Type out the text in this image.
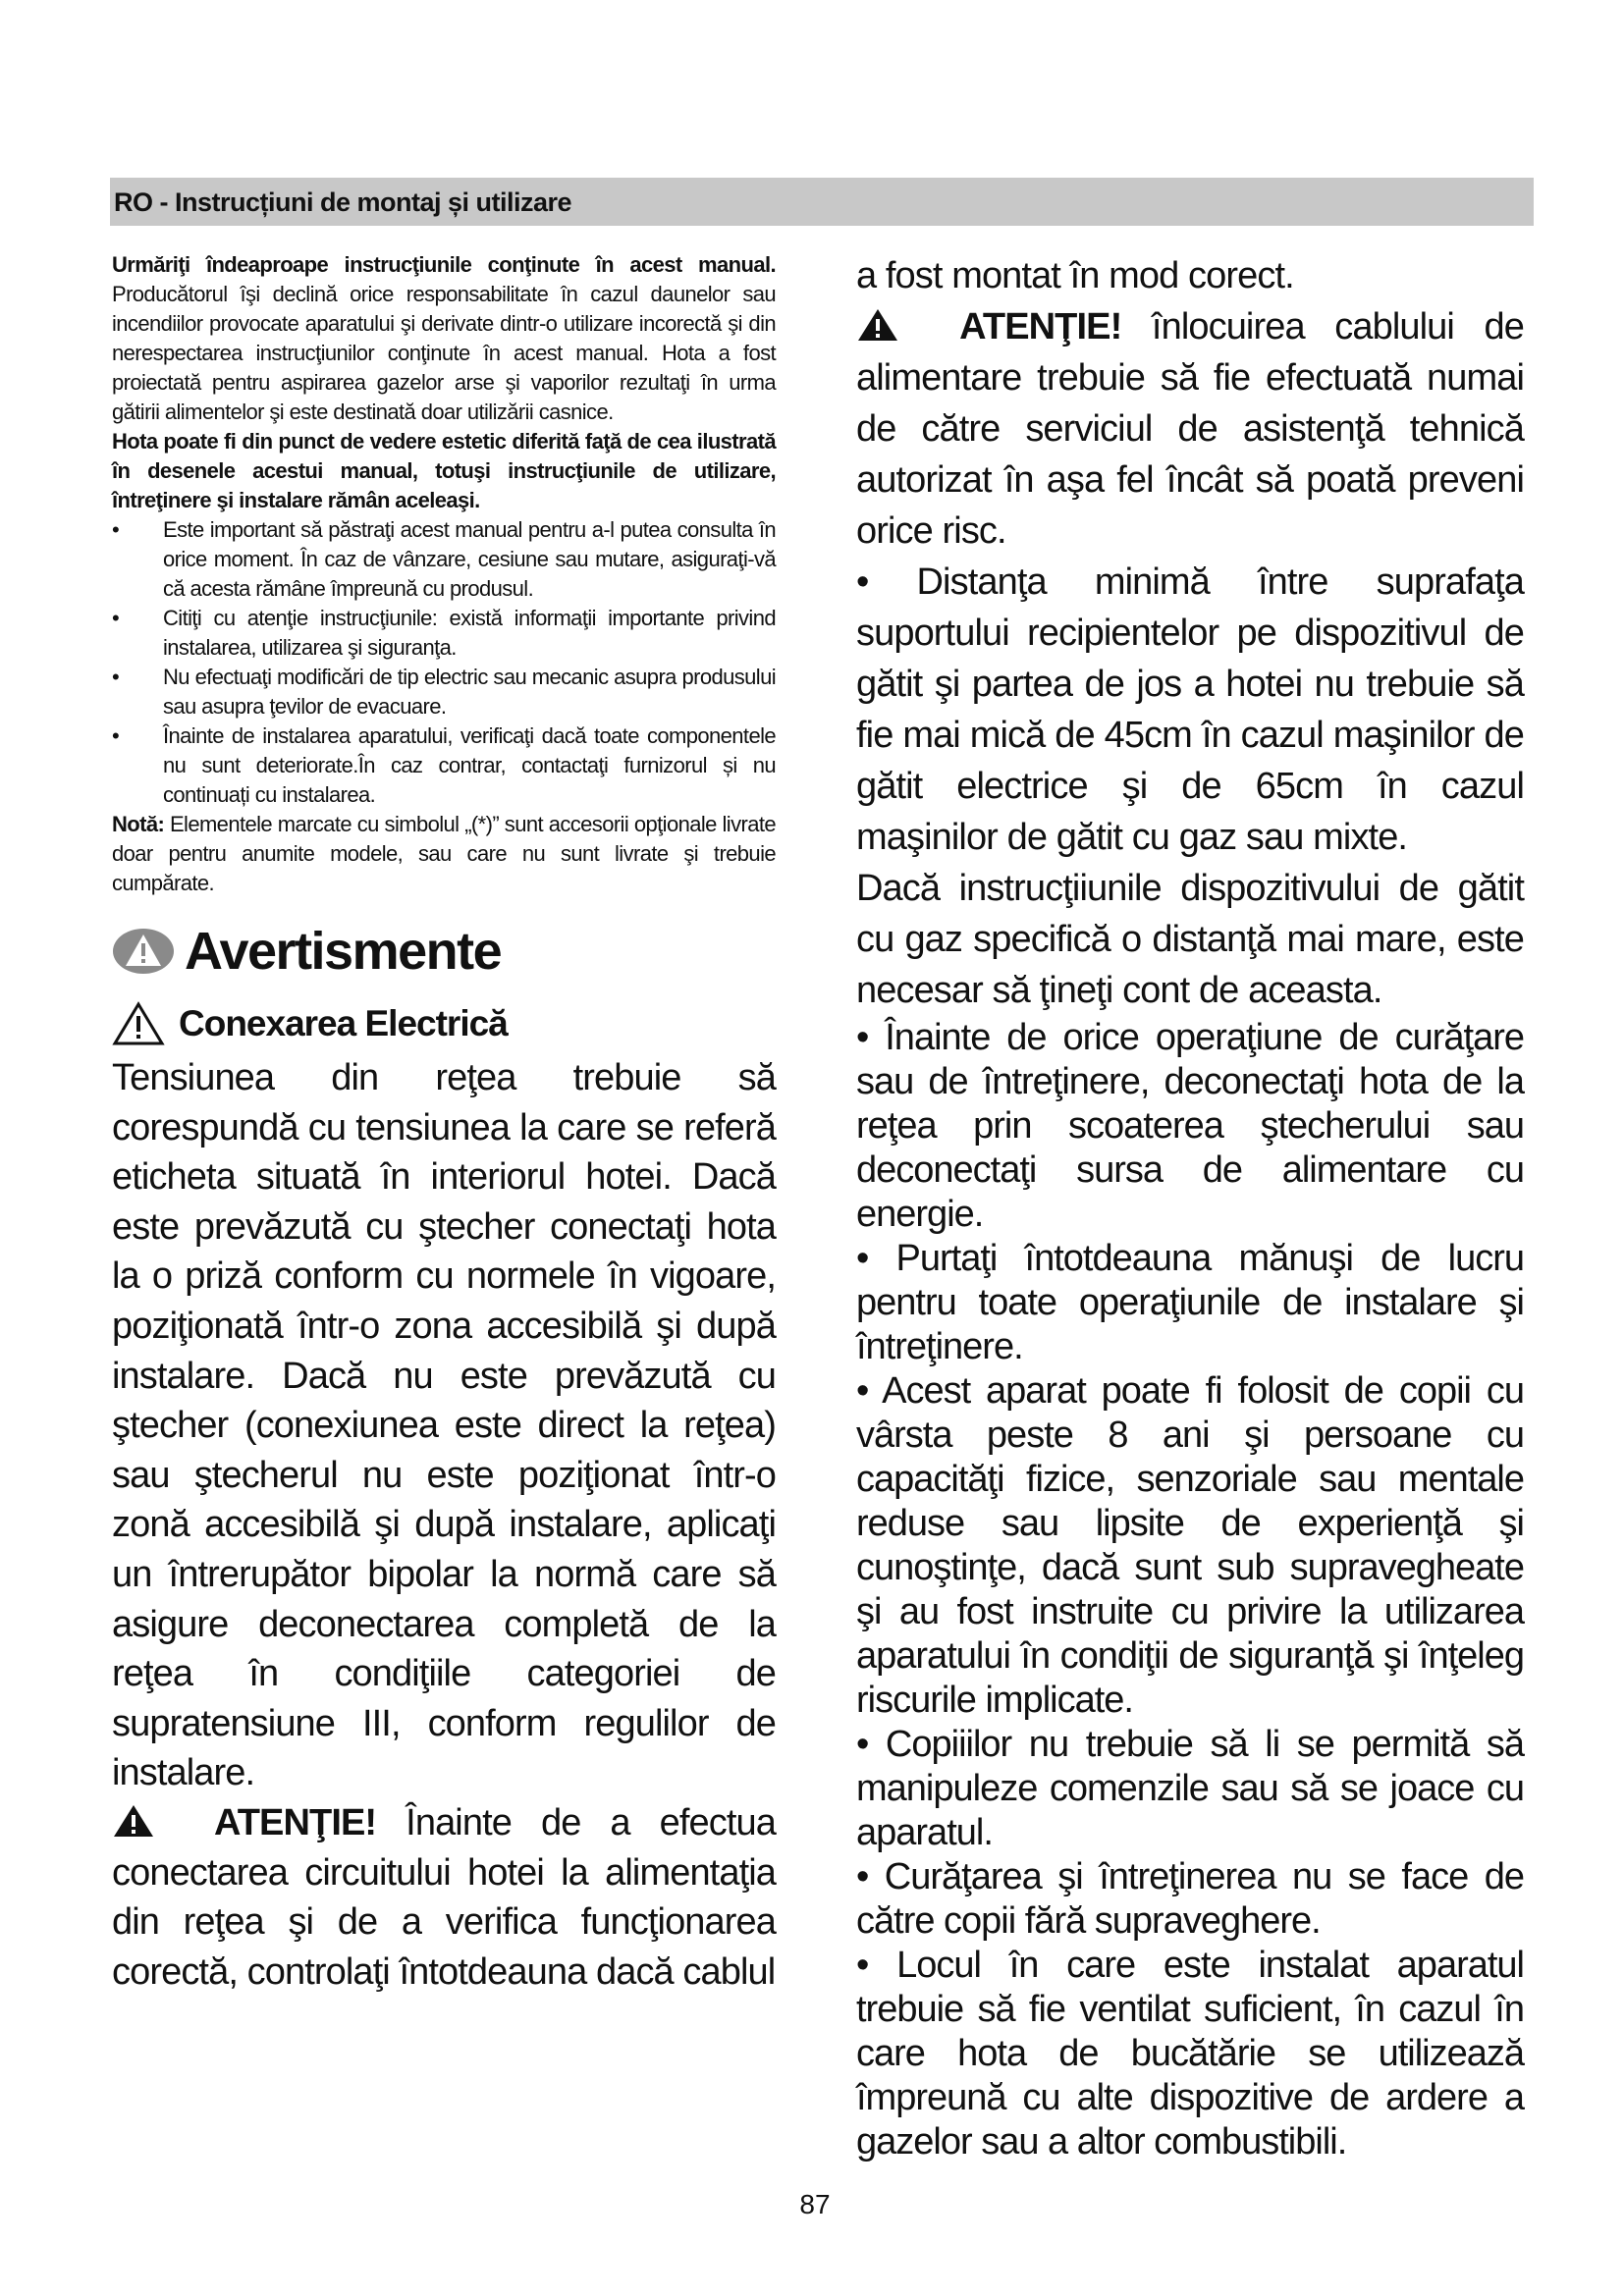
RO - Instrucțiuni de montaj și utilizare

Urmăriţi îndeaproape instrucţiunile conţinute în acest manual. Producătorul îşi declină orice responsabilitate în cazul daunelor sau incendiilor provocate aparatului şi derivate dintr-o utilizare incorectă şi din nerespectarea instrucţiunilor conţinute în acest manual. Hota a fost proiectată pentru aspirarea gazelor arse şi vaporilor rezultaţi în urma gătirii alimentelor şi este destinată doar utilizării casnice.

Hota poate fi din punct de vedere estetic diferită faţă de cea ilustrată în desenele acestui manual, totuşi instrucţiunile de utilizare, întreţinere şi instalare rămân aceleaşi.

• Este important să păstraţi acest manual pentru a-l putea consulta în orice moment. În caz de vânzare, cesiune sau mutare, asiguraţi-vă că acesta rămâne împreună cu produsul.
• Citiţi cu atenţie instrucţiunile: există informaţii importante privind instalarea, utilizarea şi siguranţa.
• Nu efectuaţi modificări de tip electric sau mecanic asupra produsului sau asupra ţevilor de evacuare.
• Înainte de instalarea aparatului, verificaţi dacă toate componentele nu sunt deteriorate.În caz contrar, contactaţi furnizorul și nu continuați cu instalarea.

Notă: Elementele marcate cu simbolul „(*)” sunt accesorii opţionale livrate doar pentru anumite modele, sau care nu sunt livrate şi trebuie cumpărate.

Avertismente
Conexarea Electrică

Tensiunea din reţea trebuie să corespundă cu tensiunea la care se referă eticheta situată în interiorul hotei. Dacă este prevăzută cu ştecher conectaţi hota la o priză conform cu normele în vigoare, poziţionată într-o zona accesibilă şi după instalare. Dacă nu este prevăzută cu ştecher (conexiunea este direct la reţea) sau ştecherul nu este poziţionat într-o zonă accesibilă şi după instalare, aplicaţi un întrerupător bipolar la normă care să asigure deconectarea completă de la reţea în condiţiile categoriei de supratensiune III, conform regulilor de instalare.

ATENŢIE! Înainte de a efectua conectarea circuitului hotei la alimentaţia din reţea şi de a verifica funcţionarea corectă, controlaţi întotdeauna dacă cablul

a fost montat în mod corect.

ATENŢIE! înlocuirea cablului de alimentare trebuie să fie efectuată numai de către serviciul de asistenţă tehnică autorizat în aşa fel încât să poată preveni orice risc.

• Distanţa minimă între suprafaţa suportului recipientelor pe dispozitivul de gătit şi partea de jos a hotei nu trebuie să fie mai mică de 45cm în cazul maşinilor de gătit electrice şi de 65cm în cazul maşinilor de gătit cu gaz sau mixte.

Dacă instrucţiiunile dispozitivului de gătit cu gaz specifică o distanţă mai mare, este necesar să ţineţi cont de aceasta.

• Înainte de orice operaţiune de curăţare sau de întreţinere, deconectaţi hota de la reţea prin scoaterea ştecherului sau deconectaţi sursa de alimentare cu energie.

• Purtaţi întotdeauna mănuşi de lucru pentru toate operaţiunile de instalare şi întreţinere.

• Acest aparat poate fi folosit de copii cu vârsta peste 8 ani şi persoane cu capacităţi fizice, senzoriale sau mentale reduse sau lipsite de experienţă şi cunoştinţe, dacă sunt sub supravegheate şi au fost instruite cu privire la utilizarea aparatului în condiţii de siguranţă şi înţeleg riscurile implicate.

• Copiiilor nu trebuie să li se permită să manipuleze comenzile sau să se joace cu aparatul.

• Curăţarea şi întreţinerea nu se face de către copii fără supraveghere.

• Locul în care este instalat aparatul trebuie să fie ventilat suficient, în cazul în care hota de bucătărie se utilizează împreună cu alte dispozitive de ardere a gazelor sau a altor combustibili.

87
